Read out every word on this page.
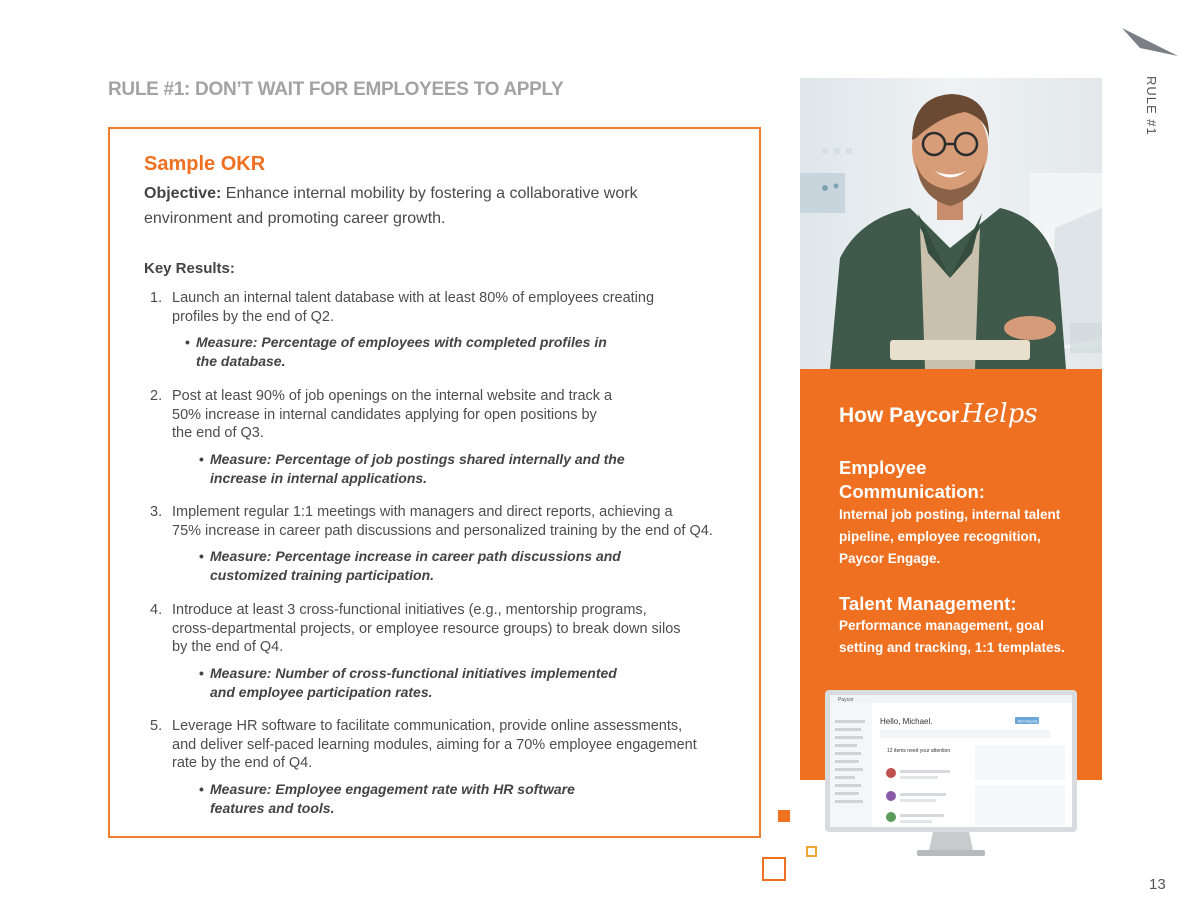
RULE #1: DON’T WAIT FOR EMPLOYEES TO APPLY
Sample OKR
Objective: Enhance internal mobility by fostering a collaborative work
environment and promoting career growth.
Key Results:
1. Launch an internal talent database with at least 80% of employees creating
profiles by the end of Q2.
• Measure: Percentage of employees with completed profiles in
the database.
2. Post at least 90% of job openings on the internal website and track a
50% increase in internal candidates applying for open positions by
the end of Q3.
• Measure: Percentage of job postings shared internally and the
increase in internal applications.
3. Implement regular 1:1 meetings with managers and direct reports, achieving a
75% increase in career path discussions and personalized training by the end of Q4.
• Measure: Percentage increase in career path discussions and
customized training participation.
4. Introduce at least 3 cross-functional initiatives (e.g., mentorship programs,
cross-departmental projects, or employee resource groups) to break down silos
by the end of Q4.
• Measure: Number of cross-functional initiatives implemented
and employee participation rates.
5. Leverage HR software to facilitate communication, provide online assessments,
and deliver self-paced learning modules, aiming for a 70% employee engagement
rate by the end of Q4.
• Measure: Employee engagement rate with HR software
features and tools.
How PaycorHelps
Employee
Communication:
Internal job posting, internal talent pipeline, employee recognition, Paycor Engage.
Talent Management:
Performance management, goal setting and tracking, 1:1 templates.
Paycor
Hello, Michael.	Run Reports
12 items need your attention
RULE #1
13
